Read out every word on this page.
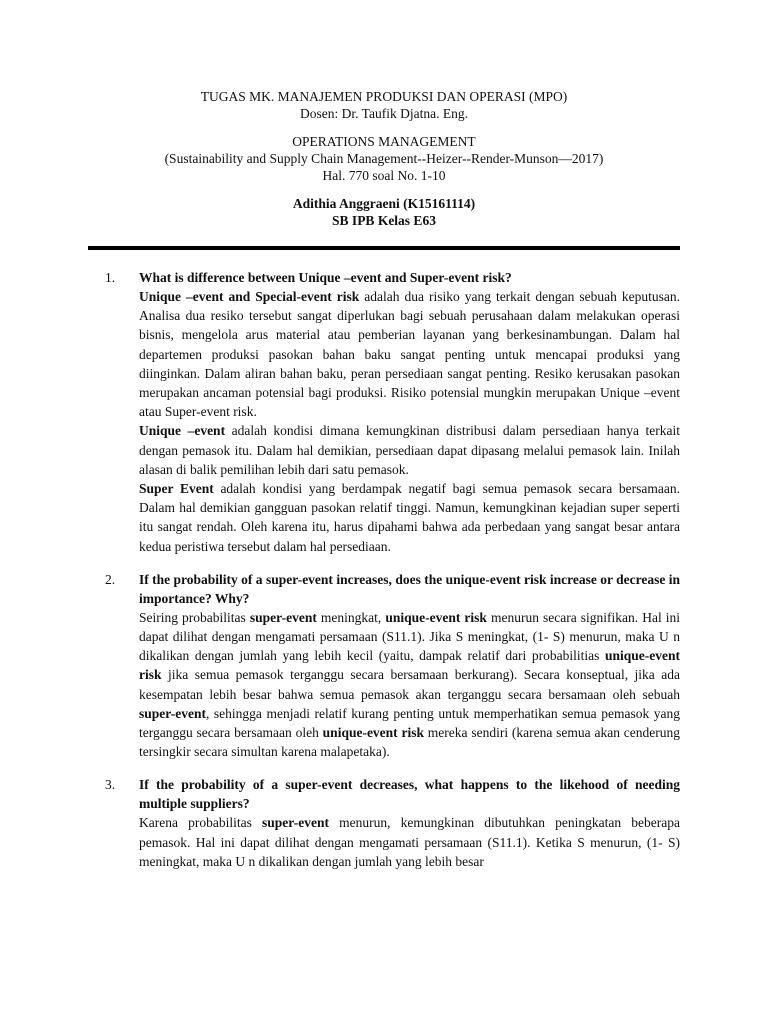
TUGAS MK. MANAJEMEN PRODUKSI DAN OPERASI (MPO)
Dosen: Dr. Taufik Djatna. Eng.
OPERATIONS MANAGEMENT
(Sustainability and Supply Chain Management--Heizer--Render-Munson—2017)
Hal. 770 soal No. 1-10
Adithia Anggraeni (K15161114)
SB IPB Kelas E63
1. What is difference between Unique –event and Super-event risk?

Unique –event and Special-event risk adalah dua risiko yang terkait dengan sebuah keputusan. Analisa dua resiko tersebut sangat diperlukan bagi sebuah perusahaan dalam melakukan operasi bisnis, mengelola arus material atau pemberian layanan yang berkesinambungan. Dalam hal departemen produksi pasokan bahan baku sangat penting untuk mencapai produksi yang diinginkan. Dalam aliran bahan baku, peran persediaan sangat penting. Resiko kerusakan pasokan merupakan ancaman potensial bagi produksi. Risiko potensial mungkin merupakan Unique –event atau Super-event risk.

Unique –event adalah kondisi dimana kemungkinan distribusi dalam persediaan hanya terkait dengan pemasok itu. Dalam hal demikian, persediaan dapat dipasang melalui pemasok lain. Inilah alasan di balik pemilihan lebih dari satu pemasok.

Super Event adalah kondisi yang berdampak negatif bagi semua pemasok secara bersamaan. Dalam hal demikian gangguan pasokan relatif tinggi. Namun, kemungkinan kejadian super seperti itu sangat rendah. Oleh karena itu, harus dipahami bahwa ada perbedaan yang sangat besar antara kedua peristiwa tersebut dalam hal persediaan.

2. If the probability of a super-event increases, does the unique-event risk increase or decrease in importance? Why?

Seiring probabilitas super-event meningkat, unique-event risk menurun secara signifikan. Hal ini dapat dilihat dengan mengamati persamaan (S11.1). Jika S meningkat, (1- S) menurun, maka U n dikalikan dengan jumlah yang lebih kecil (yaitu, dampak relatif dari probabilitias unique-event risk jika semua pemasok terganggu secara bersamaan berkurang). Secara konseptual, jika ada kesempatan lebih besar bahwa semua pemasok akan terganggu secara bersamaan oleh sebuah super-event, sehingga menjadi relatif kurang penting untuk memperhatikan semua pemasok yang terganggu secara bersamaan oleh unique-event risk mereka sendiri (karena semua akan cenderung tersingkir secara simultan karena malapetaka).

3. If the probability of a super-event decreases, what happens to the likehood of needing multiple suppliers?

Karena probabilitas super-event menurun, kemungkinan dibutuhkan peningkatan beberapa pemasok. Hal ini dapat dilihat dengan mengamati persamaan (S11.1). Ketika S menurun, (1- S) meningkat, maka U n dikalikan dengan jumlah yang lebih besar
